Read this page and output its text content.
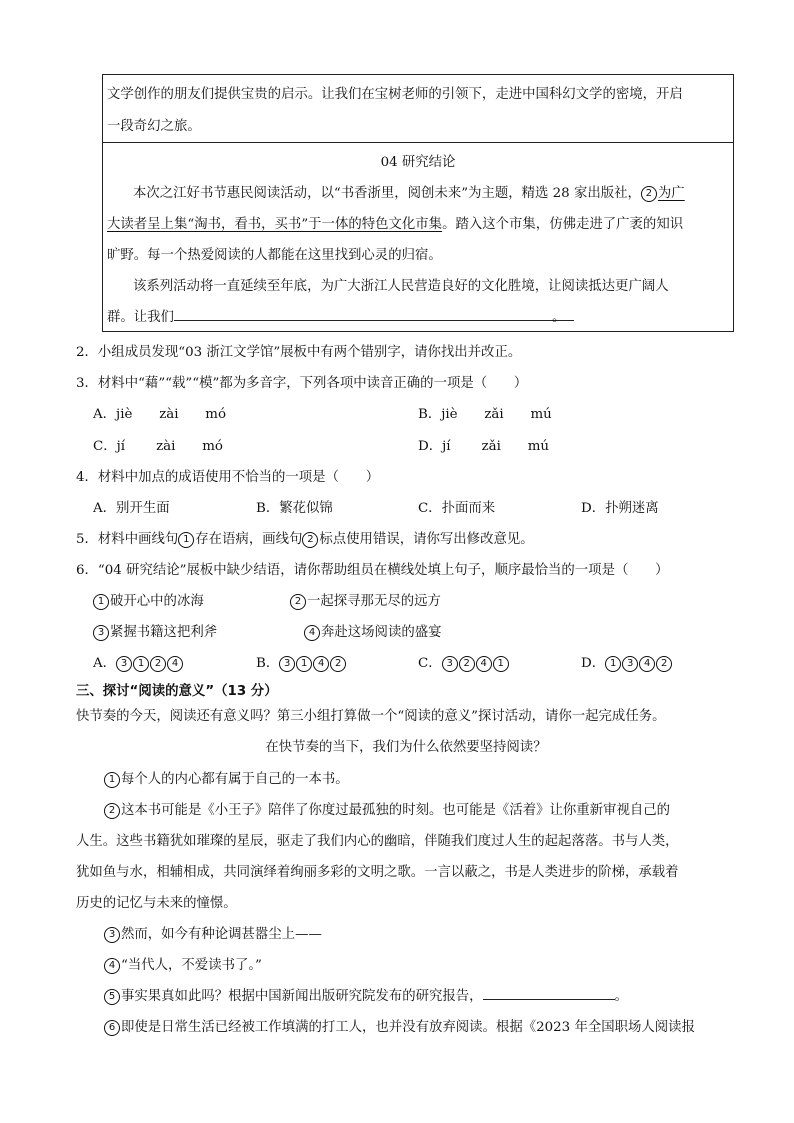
文学创作的朋友们提供宝贵的启示。让我们在宝树老师的引领下，走进中国科幻文学的密境，开启
一段奇幻之旅。
04 研究结论
本次之江好书节惠民阅读活动，以“书香浙里，阅创未来”为主题，精选 28 家出版社， 2 为广
大读者呈上集“淘书，看书，买书”于一体的特色文化市集。踏入这个市集，仿佛走进了广袤的知识
旷野。每一个热爱阅读的人都能在这里找到心灵的归宿。
该系列活动将一直延续至年底，为广大浙江人民营造良好的文化胜境，让阅读抵达更广阔人
群。让我们	。
2．小组成员发现“03 浙江文学馆”展板中有两个错别字，请你找出并改正。
3．材料中“藉”“载”“模”都为多音字，下列各项中读音正确的一项是（　　）
A．jiè　　zài　　mó	B．jiè　　zǎi　　mú
C．jí　　 zài　　mó	D．jí　　 zǎi　　mú
4．材料中加点的成语使用不恰当的一项是（　　）
A．别开生面	B．繁花似锦	C．扑面而来	D．扑朔迷离
5．材料中画线句 1 存在语病，画线句 2 标点使用错误，请你写出修改意见。
6．“04 研究结论”展板中缺少结语，请你帮助组员在横线处填上句子，顺序最恰当的一项是（　　）
1 破开心中的冰海	2 一起探寻那无尽的远方
3 紧握书籍这把利斧	4 奔赴这场阅读的盛宴
A． 3 1 2 4	B． 3 1 4 2	C． 3 2 4 1	D． 1 3 4 2
三、探讨“阅读的意义”（13 分）
快节奏的今天，阅读还有意义吗？第三小组打算做一个“阅读的意义”探讨活动，请你一起完成任务。
在快节奏的当下，我们为什么依然要坚持阅读？
1 每个人的内心都有属于自己的一本书。
2 这本书可能是《小王子》陪伴了你度过最孤独的时刻。也可能是《活着》让你重新审视自己的
人生。这些书籍犹如璀璨的星辰，驱走了我们内心的幽暗，伴随我们度过人生的起起落落。书与人类，
犹如鱼与水，相辅相成，共同演绎着绚丽多彩的文明之歌。一言以蔽之，书是人类进步的阶梯，承载着
历史的记忆与未来的憧憬。
3 然而，如今有种论调甚嚣尘上——
4 “当代人，不爱读书了。”
5 事实果真如此吗？根据中国新闻出版研究院发布的研究报告，	。
6 即使是日常生活已经被工作填满的打工人，也并没有放弃阅读。根据《2023 年全国职场人阅读报
